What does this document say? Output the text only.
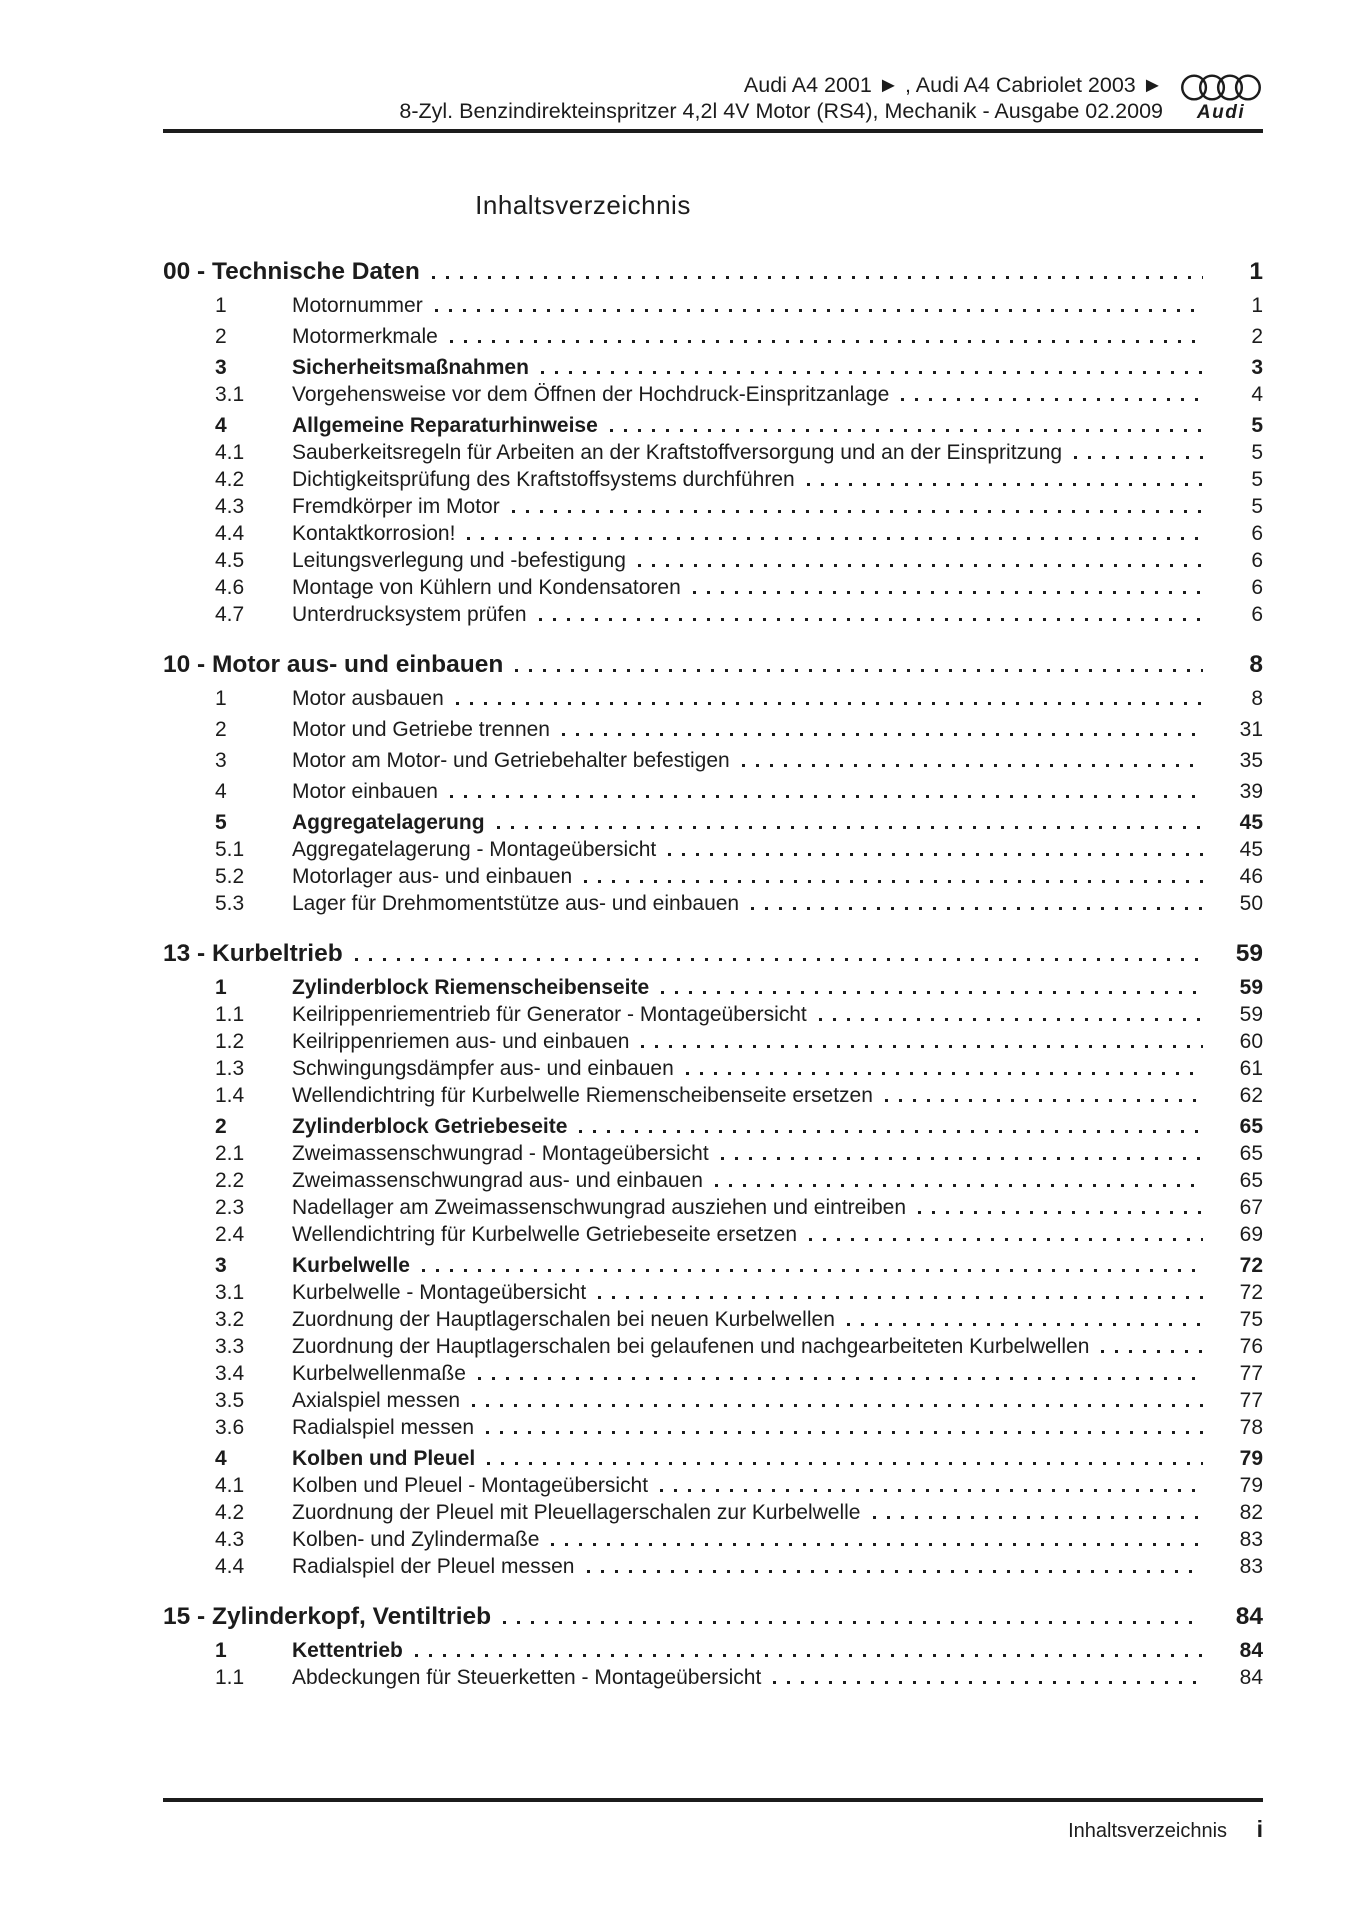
Audi A4 2001 ► , Audi A4 Cabriolet 2003 ►
8-Zyl. Benzindirekteinspritzer 4,2l 4V Motor (RS4), Mechanik - Ausgabe 02.2009 Audi
Inhaltsverzeichnis
00 - Technische Daten	1
1	Motornummer	1
2	Motormerkmale	2
3	Sicherheitsmaßnahmen	3
3.1	Vorgehensweise vor dem Öffnen der Hochdruck-Einspritzanlage	4
4	Allgemeine Reparaturhinweise	5
4.1	Sauberkeitsregeln für Arbeiten an der Kraftstoffversorgung und an der Einspritzung	5
4.2	Dichtigkeitsprüfung des Kraftstoffsystems durchführen	5
4.3	Fremdkörper im Motor	5
4.4	Kontaktkorrosion!	6
4.5	Leitungsverlegung und -befestigung	6
4.6	Montage von Kühlern und Kondensatoren	6
4.7	Unterdrucksystem prüfen	6
10 - Motor aus- und einbauen	8
1	Motor ausbauen	8
2	Motor und Getriebe trennen	31
3	Motor am Motor- und Getriebehalter befestigen	35
4	Motor einbauen	39
5	Aggregatelagerung	45
5.1	Aggregatelagerung - Montageübersicht	45
5.2	Motorlager aus- und einbauen	46
5.3	Lager für Drehmomentstütze aus- und einbauen	50
13 - Kurbeltrieb	59
1	Zylinderblock Riemenscheibenseite	59
1.1	Keilrippenriementrieb für Generator - Montageübersicht	59
1.2	Keilrippenriemen aus- und einbauen	60
1.3	Schwingungsdämpfer aus- und einbauen	61
1.4	Wellendichtring für Kurbelwelle Riemenscheibenseite ersetzen	62
2	Zylinderblock Getriebeseite	65
2.1	Zweimassenschwungrad - Montageübersicht	65
2.2	Zweimassenschwungrad aus- und einbauen	65
2.3	Nadellager am Zweimassenschwungrad ausziehen und eintreiben	67
2.4	Wellendichtring für Kurbelwelle Getriebeseite ersetzen	69
3	Kurbelwelle	72
3.1	Kurbelwelle - Montageübersicht	72
3.2	Zuordnung der Hauptlagerschalen bei neuen Kurbelwellen	75
3.3	Zuordnung der Hauptlagerschalen bei gelaufenen und nachgearbeiteten Kurbelwellen	76
3.4	Kurbelwellenmaße	77
3.5	Axialspiel messen	77
3.6	Radialspiel messen	78
4	Kolben und Pleuel	79
4.1	Kolben und Pleuel - Montageübersicht	79
4.2	Zuordnung der Pleuel mit Pleuellagerschalen zur Kurbelwelle	82
4.3	Kolben- und Zylindermaße	83
4.4	Radialspiel der Pleuel messen	83
15 - Zylinderkopf, Ventiltrieb	84
1	Kettentrieb	84
1.1	Abdeckungen für Steuerketten - Montageübersicht	84
Inhaltsverzeichnis i
